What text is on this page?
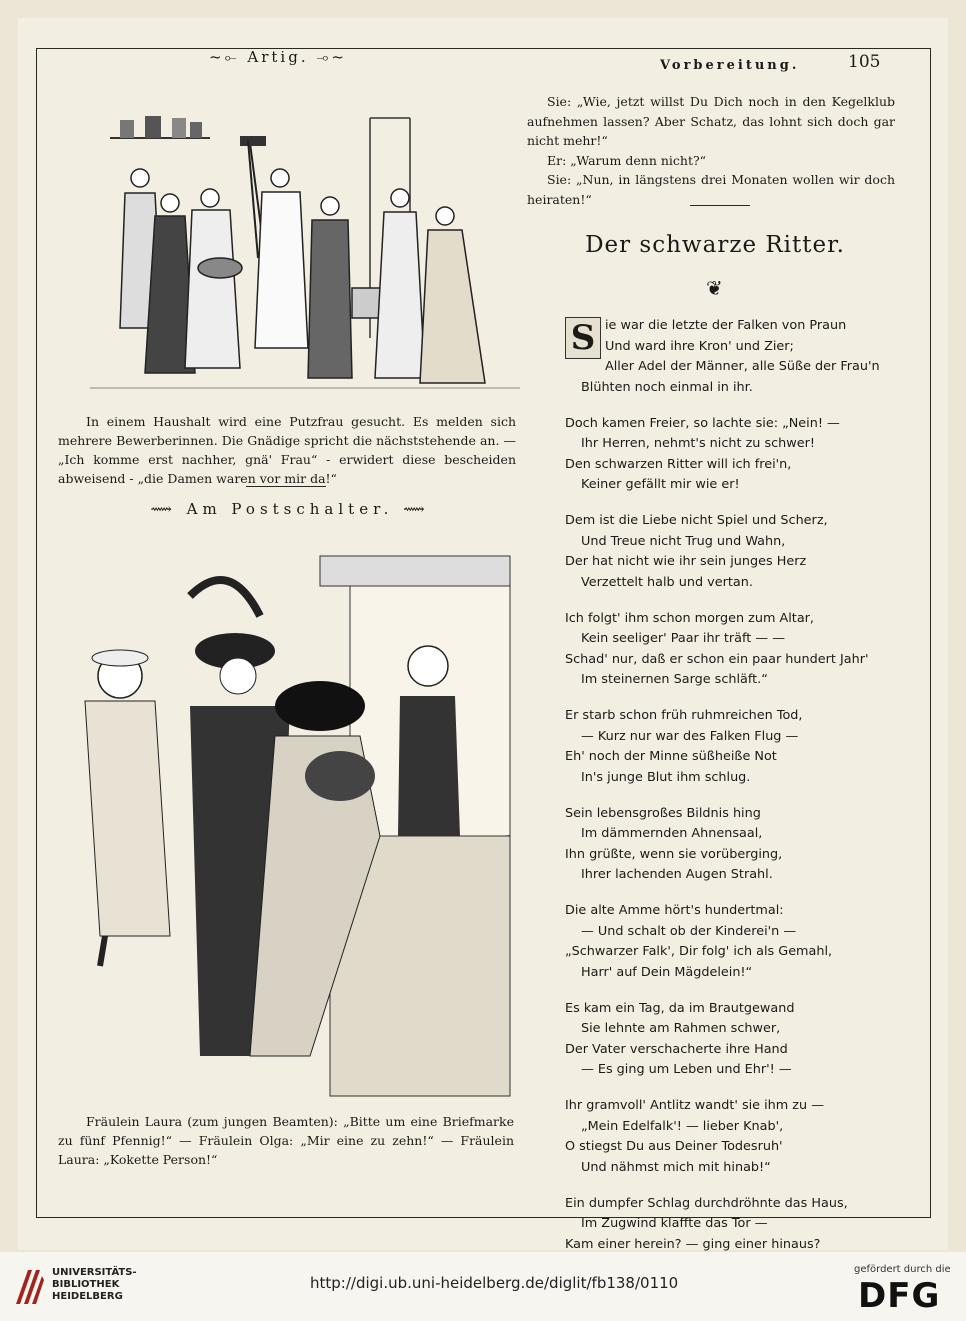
~⟜ Artig. ⊸~	Vorbereitung.	105

In einem Haushalt wird eine Putzfrau gesucht. Es melden sich mehrere Bewerberinnen. Die Gnädige spricht die nächststehende an. — „Ich komme erst nachher, gnä' Frau“ - erwidert diese bescheiden abweisend - „die Damen waren vor mir da!“

⟿ Am Postschalter. ⟿

Fräulein Laura (zum jungen Beamten): „Bitte um eine Briefmarke zu fünf Pfennig!“ — Fräulein Olga: „Mir eine zu zehn!“ — Fräulein Laura: „Kokette Person!“

Sie: „Wie, jetzt willst Du Dich noch in den Kegelklub aufnehmen lassen? Aber Schatz, das lohnt sich doch gar nicht mehr!“

Er: „Warum denn nicht?“

Sie: „Nun, in längstens drei Monaten wollen wir doch heiraten!“

Der schwarze Ritter.
❦
S ie war die letzte der Falken von Praun
Und ward ihre Kron' und Zier;
Aller Adel der Männer, alle Süße der Frau'n
Blühten noch einmal in ihr.
Doch kamen Freier, so lachte sie: „Nein! —
Ihr Herren, nehmt's nicht zu schwer!
Den schwarzen Ritter will ich frei'n,
Keiner gefällt mir wie er!
Dem ist die Liebe nicht Spiel und Scherz,
Und Treue nicht Trug und Wahn,
Der hat nicht wie ihr sein junges Herz
Verzettelt halb und vertan.
Ich folgt' ihm schon morgen zum Altar,
Kein seeliger' Paar ihr träft — —
Schad' nur, daß er schon ein paar hundert Jahr'
Im steinernen Sarge schläft.“
Er starb schon früh ruhmreichen Tod,
— Kurz nur war des Falken Flug —
Eh' noch der Minne süßheiße Not
In's junge Blut ihm schlug.
Sein lebensgroßes Bildnis hing
Im dämmernden Ahnensaal,
Ihn grüßte, wenn sie vorüberging,
Ihrer lachenden Augen Strahl.
Die alte Amme hört's hundertmal:
— Und schalt ob der Kinderei'n —
„Schwarzer Falk', Dir folg' ich als Gemahl,
Harr' auf Dein Mägdelein!“
Es kam ein Tag, da im Brautgewand
Sie lehnte am Rahmen schwer,
Der Vater verschacherte ihre Hand
— Es ging um Leben und Ehr'! —
Ihr gramvoll' Antlitz wandt' sie ihm zu —
„Mein Edelfalk'! — lieber Knab',
O stiegst Du aus Deiner Todesruh'
Und nähmst mich mit hinab!“
Ein dumpfer Schlag durchdröhnte das Haus,
Im Zugwind klaffte das Tor —
Kam einer herein? — ging einer hinaus?
UNIVERSITÄTS-
BIBLIOTHEK
HEIDELBERG
http://digi.ub.uni-heidelberg.de/diglit/fb138/0110
gefördert durch die
DFG
